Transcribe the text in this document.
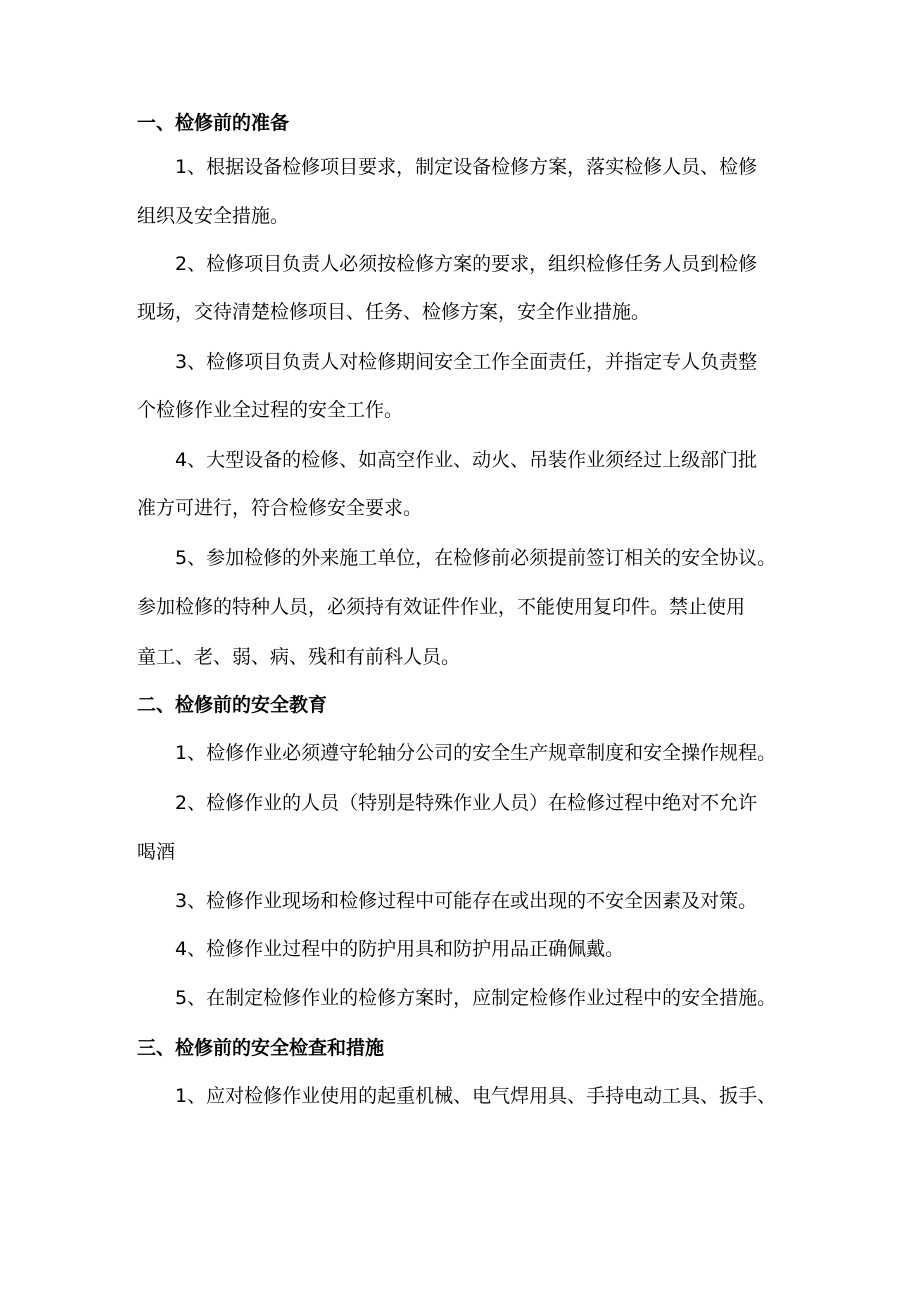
一、检修前的准备
1、根据设备检修项目要求，制定设备检修方案，落实检修人员、检修
组织及安全措施。
2、检修项目负责人必须按检修方案的要求，组织检修任务人员到检修
现场，交待清楚检修项目、任务、检修方案，安全作业措施。
3、检修项目负责人对检修期间安全工作全面责任，并指定专人负责整
个检修作业全过程的安全工作。
4、大型设备的检修、如高空作业、动火、吊装作业须经过上级部门批
准方可进行，符合检修安全要求。
5、参加检修的外来施工单位，在检修前必须提前签订相关的安全协议。
参加检修的特种人员，必须持有效证件作业，不能使用复印件。禁止使用
童工、老、弱、病、残和有前科人员。
二、检修前的安全教育
1、检修作业必须遵守轮轴分公司的安全生产规章制度和安全操作规程。
2、检修作业的人员（特别是特殊作业人员）在检修过程中绝对不允许
喝酒
3、检修作业现场和检修过程中可能存在或出现的不安全因素及对策。
4、检修作业过程中的防护用具和防护用品正确佩戴。
5、在制定检修作业的检修方案时，应制定检修作业过程中的安全措施。
三、检修前的安全检查和措施
1、应对检修作业使用的起重机械、电气焊用具、手持电动工具、扳手、
